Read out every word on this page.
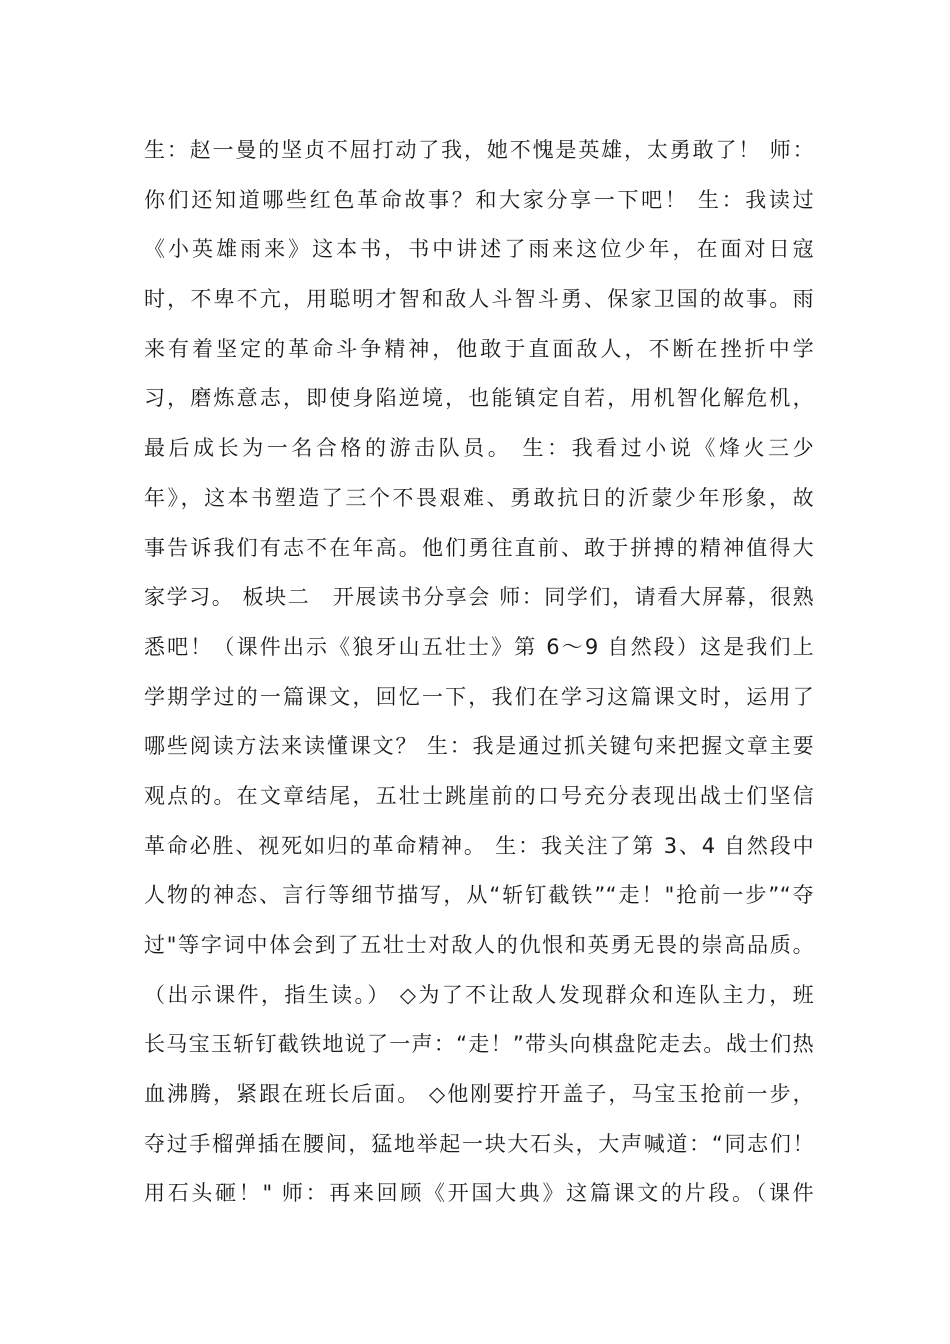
生：赵一曼的坚贞不屈打动了我，她不愧是英雄，太勇敢了！ 师：
你们还知道哪些红色革命故事？和大家分享一下吧！ 生：我读过
《小英雄雨来》这本书，书中讲述了雨来这位少年，在面对日寇
时，不卑不亢，用聪明才智和敌人斗智斗勇、保家卫国的故事。雨
来有着坚定的革命斗争精神，他敢于直面敌人，不断在挫折中学
习，磨炼意志，即使身陷逆境，也能镇定自若，用机智化解危机，
最后成长为一名合格的游击队员。 生：我看过小说《烽火三少
年》，这本书塑造了三个不畏艰难、勇敢抗日的沂蒙少年形象，故
事告诉我们有志不在年高。他们勇往直前、敢于拼搏的精神值得大
家学习。 板块二　开展读书分享会 师：同学们，请看大屏幕，很熟
悉吧！（课件出示《狼牙山五壮士》第 6～9 自然段）这是我们上
学期学过的一篇课文，回忆一下，我们在学习这篇课文时，运用了
哪些阅读方法来读懂课文？ 生：我是通过抓关键句来把握文章主要
观点的。在文章结尾，五壮士跳崖前的口号充分表现出战士们坚信
革命必胜、视死如归的革命精神。 生：我关注了第 3、4 自然段中
人物的神态、言行等细节描写，从“斩钉截铁”“走！"抢前一步”“夺
过"等字词中体会到了五壮士对敌人的仇恨和英勇无畏的崇高品质。
（出示课件，指生读。） ◇为了不让敌人发现群众和连队主力，班
长马宝玉斩钉截铁地说了一声：“走！”带头向棋盘陀走去。战士们热
血沸腾，紧跟在班长后面。 ◇他刚要拧开盖子，马宝玉抢前一步，
夺过手榴弹插在腰间，猛地举起一块大石头，大声喊道：“同志们！
用石头砸！" 师：再来回顾《开国大典》这篇课文的片段。（课件
